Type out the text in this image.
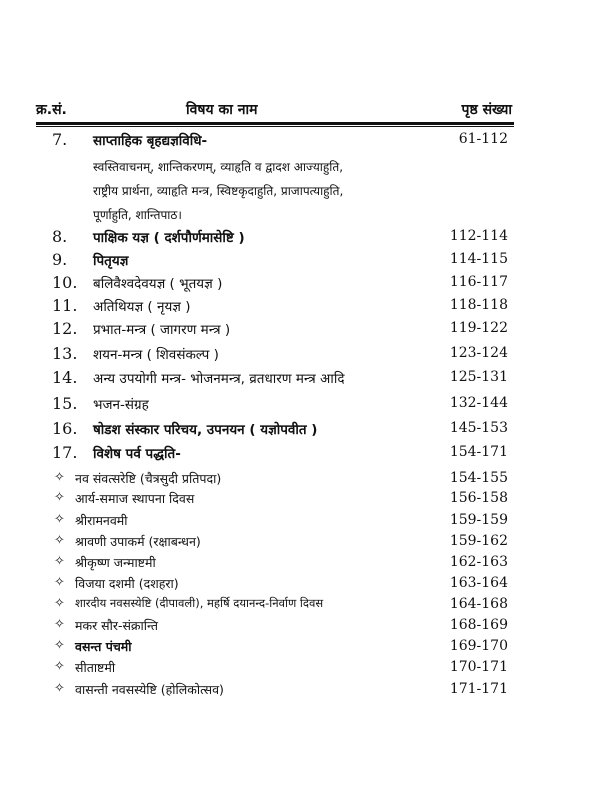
क्र.सं.	विषय का नाम	पृष्ठ संख्या
7. साप्ताहिक बृहद्यज्ञविधि-	61-112
स्वस्तिवाचनम्, शान्तिकरणम्, व्याहृति व द्वादश आज्याहुति,
राष्ट्रीय प्रार्थना, व्याहृति मन्त्र, स्विष्टकृदाहुति, प्राजापत्याहुति,
पूर्णाहुति, शान्तिपाठ।
8. पाक्षिक यज्ञ ( दर्शपौर्णमासेष्टि )	112-114
9. पितृयज्ञ	114-115
10. बलिवैश्वदेवयज्ञ ( भूतयज्ञ )	116-117
11. अतिथियज्ञ ( नृयज्ञ )	118-118
12. प्रभात-मन्त्र ( जागरण मन्त्र )	119-122
13. शयन-मन्त्र ( शिवसंकल्प )	123-124
14. अन्य उपयोगी मन्त्र- भोजनमन्त्र, व्रतधारण मन्त्र आदि	125-131
15. भजन-संग्रह	132-144
16. षोडश संस्कार परिचय, उपनयन ( यज्ञोपवीत )	145-153
17. विशेष पर्व पद्धति-	154-171
✧ नव संवत्सरेष्टि (चैत्रसुदी प्रतिपदा)	154-155
✧ आर्य-समाज स्थापना दिवस	156-158
✧ श्रीरामनवमी	159-159
✧ श्रावणी उपाकर्म (रक्षाबन्धन)	159-162
✧ श्रीकृष्ण जन्माष्टमी	162-163
✧ विजया दशमी (दशहरा)	163-164
✧ शारदीय नवसस्येष्टि (दीपावली), महर्षि दयानन्द-निर्वाण दिवस	164-168
✧ मकर सौर-संक्रान्ति	168-169
✧ वसन्त पंचमी	169-170
✧ सीताष्टमी	170-171
✧ वासन्ती नवसस्येष्टि (होलिकोत्सव)	171-171
